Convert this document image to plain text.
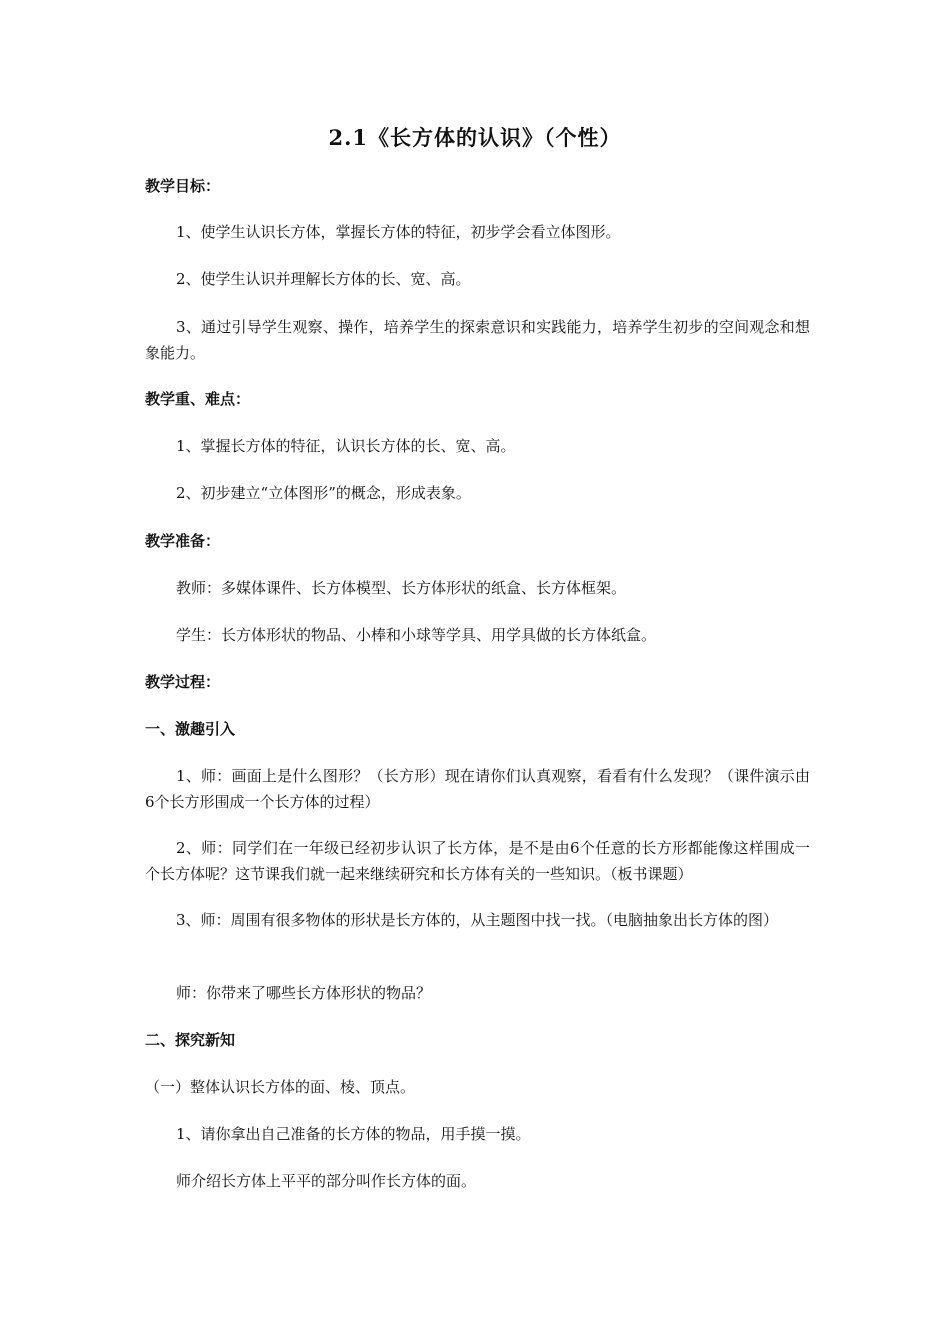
2.1《长方体的认识》（个性）
教学目标：
1、使学生认识长方体，掌握长方体的特征，初步学会看立体图形。
2、使学生认识并理解长方体的长、宽、高。
3、通过引导学生观察、操作，培养学生的探索意识和实践能力，培养学生初步的空间观念和想象能力。
教学重、难点：
1、掌握长方体的特征，认识长方体的长、宽、高。
2、初步建立“立体图形”的概念，形成表象。
教学准备：
教师：多媒体课件、长方体模型、长方体形状的纸盒、长方体框架。
学生：长方体形状的物品、小棒和小球等学具、用学具做的长方体纸盒。
教学过程：
一、激趣引入
1、师：画面上是什么图形？（长方形）现在请你们认真观察，看看有什么发现？（课件演示由6个长方形围成一个长方体的过程）
2、师：同学们在一年级已经初步认识了长方体，是不是由6个任意的长方形都能像这样围成一个长方体呢？这节课我们就一起来继续研究和长方体有关的一些知识。（板书课题）
3、师：周围有很多物体的形状是长方体的，从主题图中找一找。（电脑抽象出长方体的图）
师：你带来了哪些长方体形状的物品？
二、探究新知
（一）整体认识长方体的面、棱、顶点。
1、请你拿出自己准备的长方体的物品，用手摸一摸。
师介绍长方体上平平的部分叫作长方体的面。
